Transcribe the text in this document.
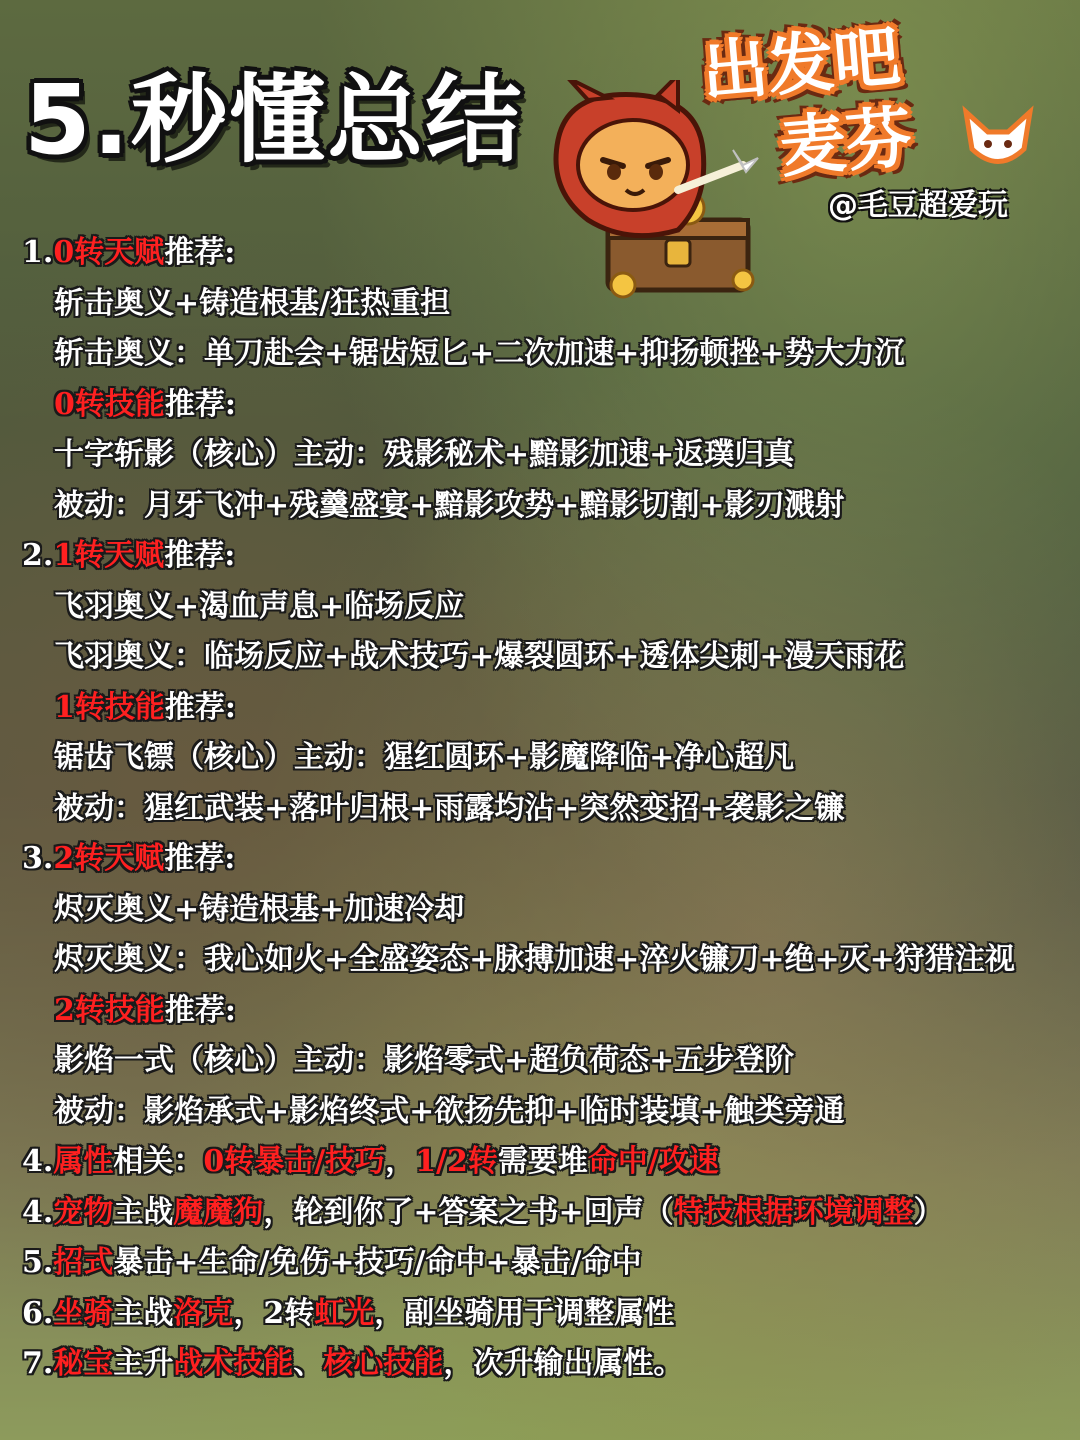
5.秒懂总结	出发吧
麦芬
@毛豆超爱玩
1.0转天赋推荐:
斩击奥义+铸造根基/狂热重担
斩击奥义：单刀赴会+锯齿短匕+二次加速+抑扬顿挫+势大力沉
0转技能推荐:
十字斩影（核心）主动：残影秘术+黯影加速+返璞归真
被动：月牙飞冲+残羹盛宴+黯影攻势+黯影切割+影刃溅射
2.1转天赋推荐:
飞羽奥义+渴血声息+临场反应
飞羽奥义：临场反应+战术技巧+爆裂圆环+透体尖刺+漫天雨花
1转技能推荐:
锯齿飞镖（核心）主动：猩红圆环+影魔降临+净心超凡
被动：猩红武装+落叶归根+雨露均沾+突然变招+袭影之镰
3.2转天赋推荐:
烬灭奥义+铸造根基+加速冷却
烬灭奥义：我心如火+全盛姿态+脉搏加速+淬火镰刀+绝+灭+狩猎注视
2转技能推荐:
影焰一式（核心）主动：影焰零式+超负荷态+五步登阶
被动：影焰承式+影焰终式+欲扬先抑+临时装填+触类旁通
4.属性相关：0转暴击/技巧，1/2转需要堆命中/攻速
4.宠物主战魔魔狗，轮到你了+答案之书+回声（特技根据环境调整）
5.招式暴击+生命/免伤+技巧/命中+暴击/命中
6.坐骑主战洛克，2转虹光，副坐骑用于调整属性
7.秘宝主升战术技能、核心技能，次升输出属性。
